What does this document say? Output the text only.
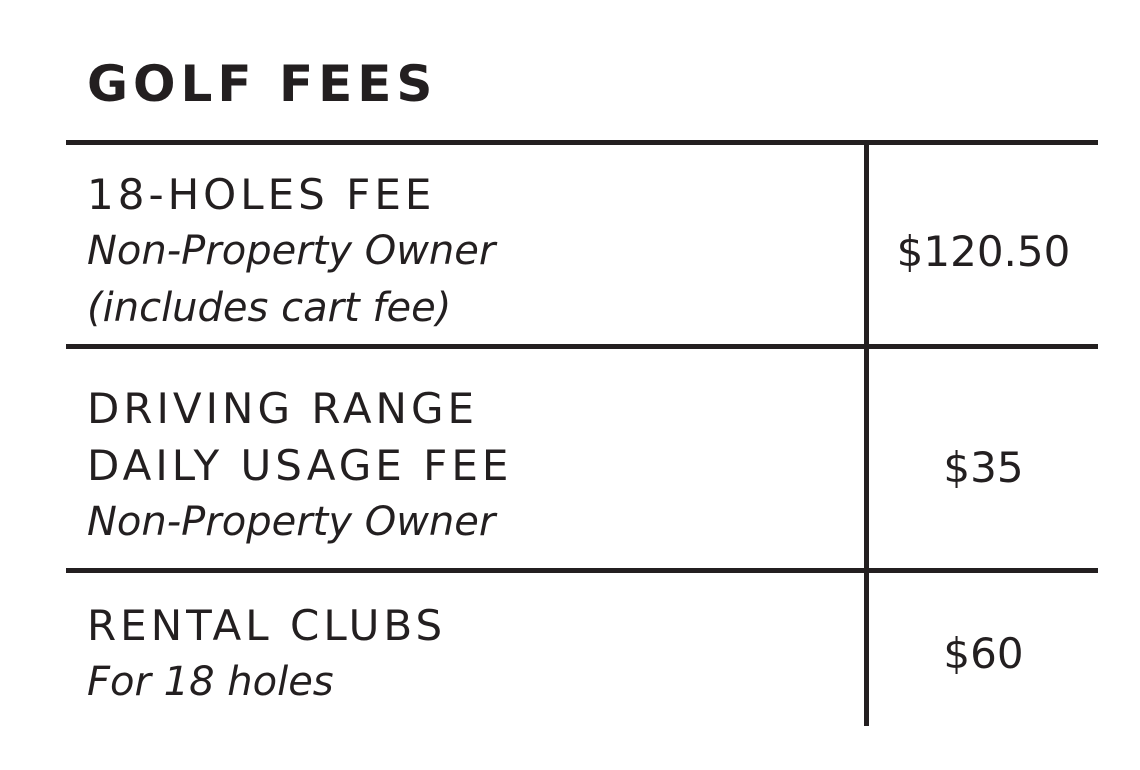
GOLF FEES
18-HOLES FEE
Non-Property Owner
(includes cart fee)
$120.50
DRIVING RANGE
DAILY USAGE FEE
Non-Property Owner
$35
RENTAL CLUBS
For 18 holes
$60
